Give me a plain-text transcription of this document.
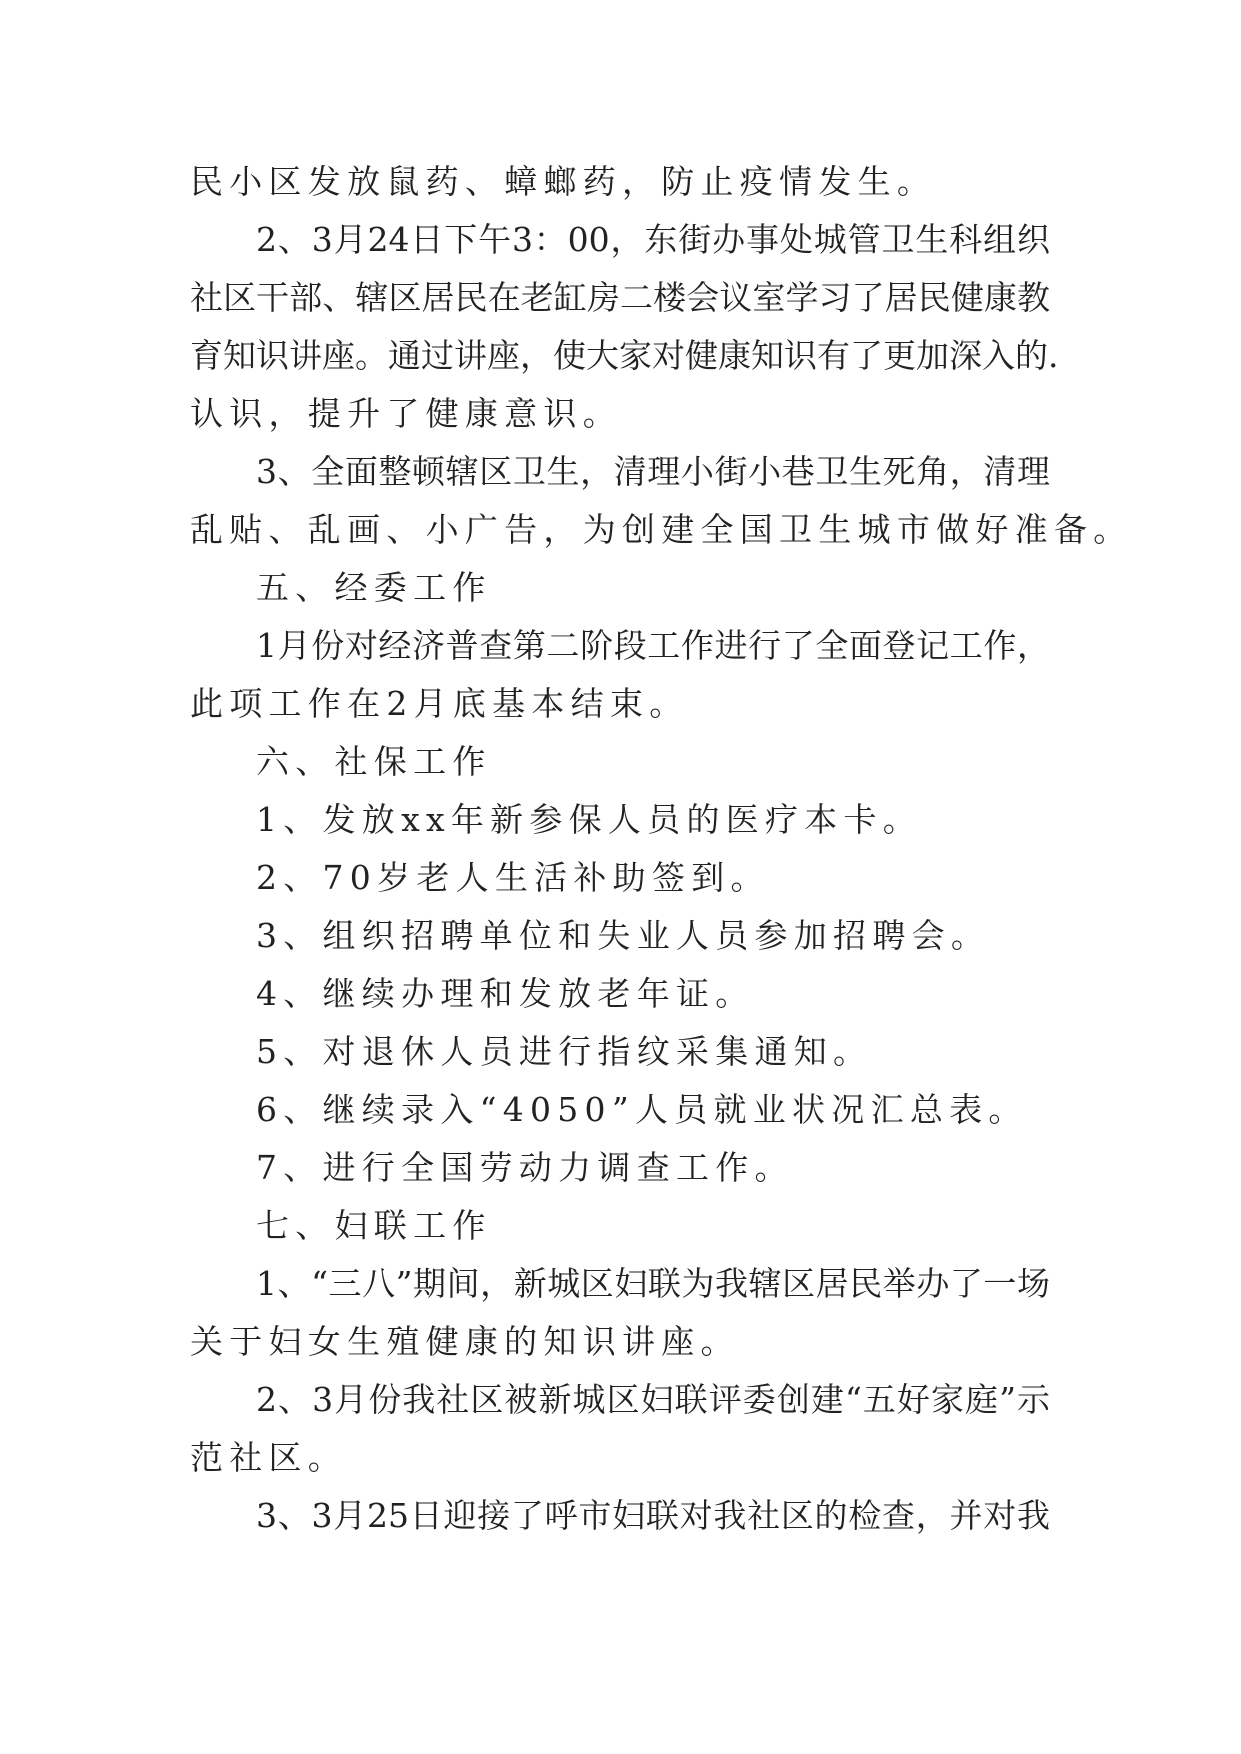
民小区发放鼠药、蟑螂药，防止疫情发生。
2、3月24日下午3：00，东街办事处城管卫生科组织
社区干部、辖区居民在老缸房二楼会议室学习了居民健康教
育知识讲座。通过讲座，使大家对健康知识有了更加深入的.
认识，提升了健康意识。
3、全面整顿辖区卫生，清理小街小巷卫生死角，清理
乱贴、乱画、小广告，为创建全国卫生城市做好准备。
五、经委工作
1月份对经济普查第二阶段工作进行了全面登记工作，
此项工作在2月底基本结束。
六、社保工作
1、发放xx年新参保人员的医疗本卡。
2、70岁老人生活补助签到。
3、组织招聘单位和失业人员参加招聘会。
4、继续办理和发放老年证。
5、对退休人员进行指纹采集通知。
6、继续录入“4050”人员就业状况汇总表。
7、进行全国劳动力调查工作。
七、妇联工作
1、“三八”期间，新城区妇联为我辖区居民举办了一场
关于妇女生殖健康的知识讲座。
2、3月份我社区被新城区妇联评委创建“五好家庭”示
范社区。
3、3月25日迎接了呼市妇联对我社区的检查，并对我
